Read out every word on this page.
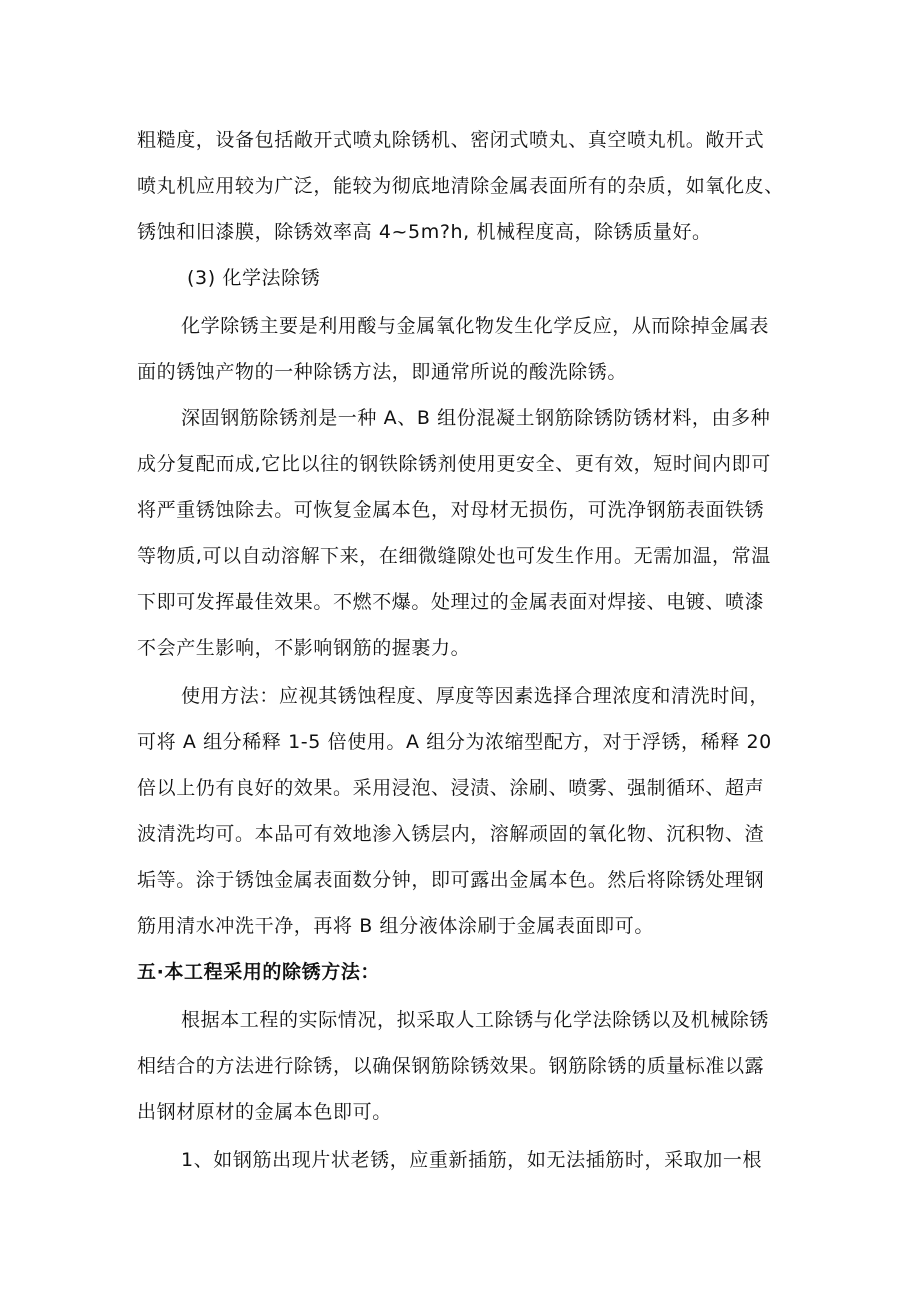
粗糙度，设备包括敞开式喷丸除锈机、密闭式喷丸、真空喷丸机。敞开式
喷丸机应用较为广泛，能较为彻底地清除金属表面所有的杂质，如氧化皮、
锈蚀和旧漆膜，除锈效率高 4~5m?h, 机械程度高，除锈质量好。
(3) 化学法除锈
化学除锈主要是利用酸与金属氧化物发生化学反应，从而除掉金属表
面的锈蚀产物的一种除锈方法，即通常所说的酸洗除锈。
深固钢筋除锈剂是一种 A、B 组份混凝土钢筋除锈防锈材料，由多种
成分复配而成,它比以往的钢铁除锈剂使用更安全、更有效，短时间内即可
将严重锈蚀除去。可恢复金属本色，对母材无损伤，可洗净钢筋表面铁锈
等物质,可以自动溶解下来，在细微缝隙处也可发生作用。无需加温，常温
下即可发挥最佳效果。不燃不爆。处理过的金属表面对焊接、电镀、喷漆
不会产生影响，不影响钢筋的握裹力。
使用方法：应视其锈蚀程度、厚度等因素选择合理浓度和清洗时间，
可将 A 组分稀释 1-5 倍使用。A 组分为浓缩型配方，对于浮锈，稀释 20
倍以上仍有良好的效果。采用浸泡、浸渍、涂刷、喷雾、强制循环、超声
波清洗均可。本品可有效地渗入锈层内，溶解顽固的氧化物、沉积物、渣
垢等。涂于锈蚀金属表面数分钟，即可露出金属本色。然后将除锈处理钢
筋用清水冲洗干净，再将 B 组分液体涂刷于金属表面即可。
五·本工程采用的除锈方法：
根据本工程的实际情况，拟采取人工除锈与化学法除锈以及机械除锈
相结合的方法进行除锈，以确保钢筋除锈效果。钢筋除锈的质量标准以露
出钢材原材的金属本色即可。
1、如钢筋出现片状老锈，应重新插筋，如无法插筋时，采取加一根
